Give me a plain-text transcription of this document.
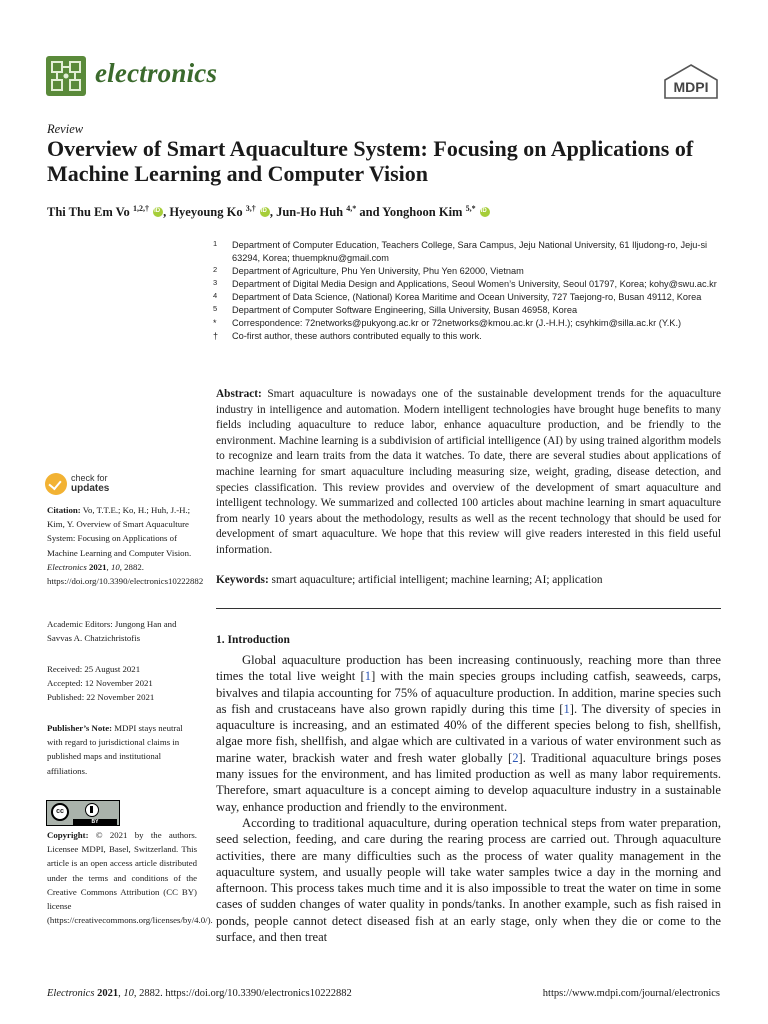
electronics	MDPI
Review
Overview of Smart Aquaculture System: Focusing on Applications of Machine Learning and Computer Vision
Thi Thu Em Vo $^{1,2,\dagger}$ iD , Hyeyoung Ko $^{3,\dagger}$ iD , Jun-Ho Huh $^{4,*}$ and Yonghoon Kim $^{5,*}$ iD
1 Department of Computer Education, Teachers College, Sara Campus, Jeju National University, 61 Iljudong-ro, Jeju-si 63294, Korea; thuempknu@gmail.com
2 Department of Agriculture, Phu Yen University, Phu Yen 62000, Vietnam
3 Department of Digital Media Design and Applications, Seoul Women’s University, Seoul 01797, Korea; kohy@swu.ac.kr
4 Department of Data Science, (National) Korea Maritime and Ocean University, 727 Taejong-ro, Busan 49112, Korea
5 Department of Computer Software Engineering, Silla University, Busan 46958, Korea
* Correspondence: 72networks@pukyong.ac.kr or 72networks@kmou.ac.kr (J.-H.H.); csyhkim@silla.ac.kr (Y.K.)
† Co-first author, these authors contributed equally to this work.

Abstract: Smart aquaculture is nowadays one of the sustainable development trends for the aquaculture industry in intelligence and automation. Modern intelligent technologies have brought huge benefits to many fields including aquaculture to reduce labor, enhance aquaculture production, and be friendly to the environment. Machine learning is a subdivision of artificial intelligence (AI) by using trained algorithm models to recognize and learn traits from the data it watches. To date, there are several studies about applications of machine learning for smart aquaculture including measuring size, weight, grading, disease detection, and species classification. This review provides and overview of the development of smart aquaculture and intelligent technology. We summarized and collected 100 articles about machine learning in smart aquaculture from nearly 10 years about the methodology, results as well as the recent technology that should be used for development of smart aquaculture. We hope that this review will give readers interested in this field useful information.

Keywords: smart aquaculture; artificial intelligent; machine learning; AI; application
check for
updates
Citation: Vo, T.T.E.; Ko, H.; Huh, J.-H.; Kim, Y. Overview of Smart Aquaculture System: Focusing on Applications of Machine Learning and Computer Vision. Electronics 2021, 10, 2882. https://doi.org/10.3390/electronics10222882
Academic Editors: Jungong Han and Savvas A. Chatzichristofis
Received: 25 August 2021
Accepted: 12 November 2021
Published: 22 November 2021
Publisher’s Note: MDPI stays neutral with regard to jurisdictional claims in published maps and institutional affiliations.
cc
BY
Copyright: © 2021 by the authors. Licensee MDPI, Basel, Switzerland. This article is an open access article distributed under the terms and conditions of the Creative Commons Attribution (CC BY) license (https://creativecommons.org/licenses/by/4.0/).
1. Introduction

Global aquaculture production has been increasing continuously, reaching more than three times the total live weight [1] with the main species groups including catfish, seaweeds, carps, bivalves and tilapia accounting for 75% of aquaculture production. In addition, marine species such as fish and crustaceans have also grown rapidly during this time [1]. The diversity of species in aquaculture is increasing, and an estimated 40% of the different species belong to fish, shellfish, algae more fish, shellfish, and algae which are cultivated in a various of water environment such as marine water, brackish water and fresh water globally [2]. Traditional aquaculture brings poses many issues for the environment, and has limited production as well as many labor requirements. Therefore, smart aquaculture is a concept aiming to develop aquaculture industry in a sustainable way, enhance production and friendly to the environment.

According to traditional aquaculture, during operation technical steps from water preparation, seed selection, feeding, and care during the rearing process are carried out. Through aquaculture activities, there are many difficulties such as the process of water quality management in the aquaculture system, and usually people will take water samples twice a day in the morning and afternoon. This process takes much time and it is also impossible to treat the water on time in some cases of sudden changes of water quality in ponds/tanks. In another example, such as fish raised in ponds, people cannot detect diseased fish at an early stage, only when they die or come to the surface, and then treat

Electronics 2021, 10, 2882. https://doi.org/10.3390/electronics10222882	https://www.mdpi.com/journal/electronics
